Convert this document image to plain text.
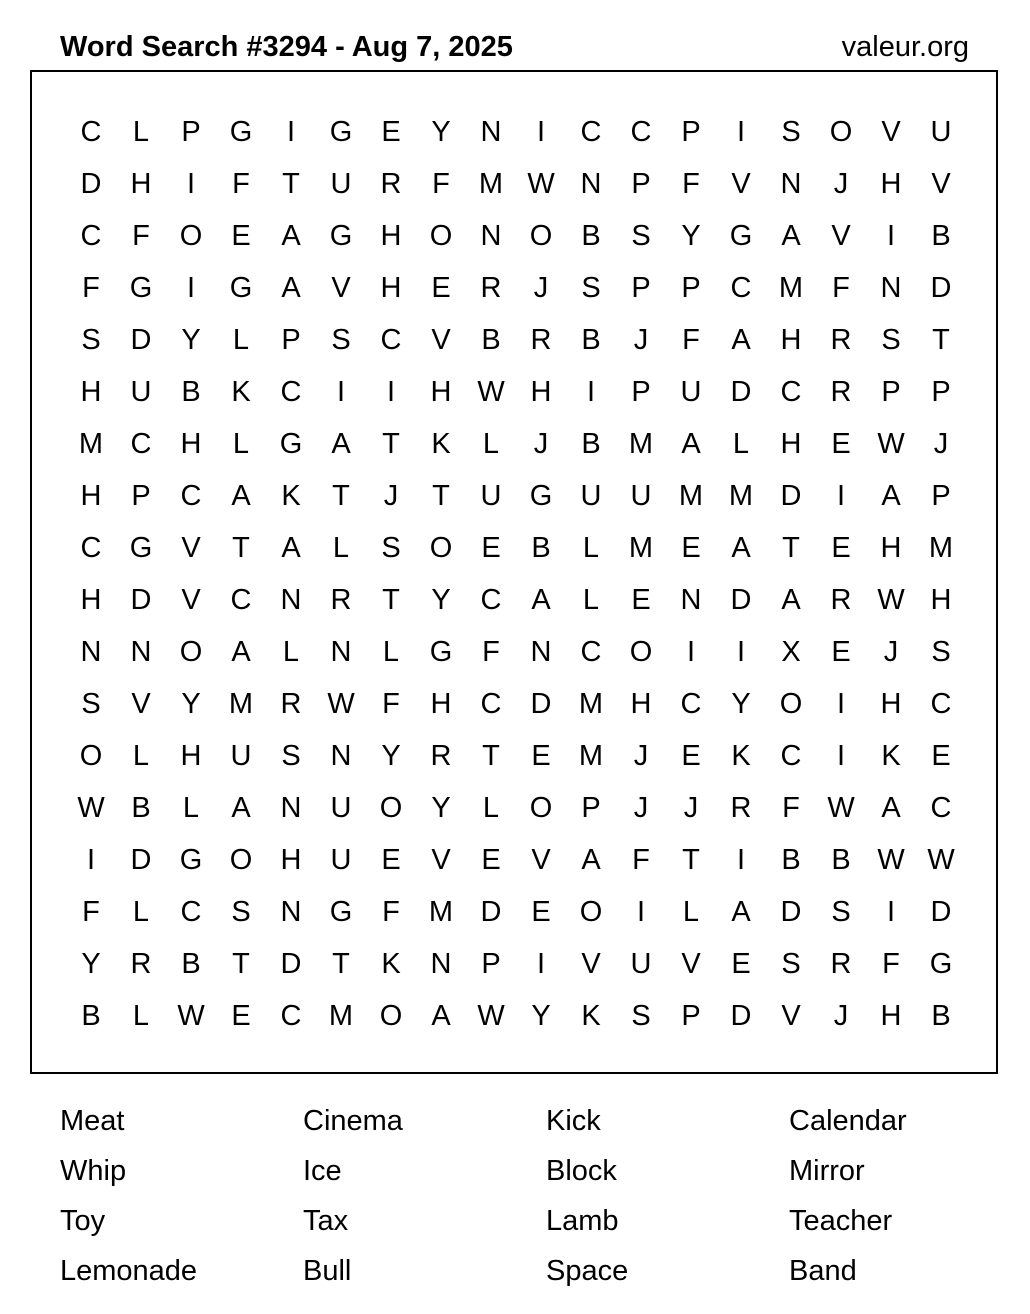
Word Search #3294 - Aug 7, 2025	valeur.org
C	L	P	G	I	G	E	Y	N	I	C	C	P	I	S	O	V	U
D	H	I	F	T	U	R	F	M W N	P	F	V	N	J	H	V
C	F	O	E	A	G H O N O	B	S	Y	G	A	V	I	B
F	G	I	G	A	V	H	E	R	J	S	P	P	C M	F	N	D
S	D	Y	L	P	S	C	V	B	R	B	J	F	A	H	R	S	T
H	U	B	K	C	I	I	H W H	I	P	U	D	C	R	P	P
M C	H	L	G	A	T	K	L	J	B M A	L	H	E W	J
H	P	C	A	K	T	J	T	U G U	U M M D	I	A	P
C G	V	T	A	L	S	O	E	B	L	M E	A	T	E	H M
H	D	V	C	N	R	T	Y	C	A	L	E	N	D	A	R W H
N	N O	A	L	N	L	G	F	N	C O	I	I	X	E	J	S
S	V	Y M R W F	H	C	D M H	C	Y	O	I	H	C
O	L	H	U	S	N	Y	R	T	E M	J	E	K	C	I	K	E
W B	L	A	N	U O	Y	L	O	P	J	J	R	F W A	C
I	D G O H	U	E	V	E	V	A	F	T	I	B	B W W
F	L	C	S	N G	F	M D	E	O	I	L	A	D	S	I	D
Y	R	B	T	D	T	K	N	P	I	V	U	V	E	S	R	F	G
B	L W E	C M O	A W Y	K	S	P	D	V	J	H	B
Meat	Cinema	Kick	Calendar
Whip	Ice	Block	Mirror
Toy	Tax	Lamb	Teacher
Lemonade	Bull	Space	Band
